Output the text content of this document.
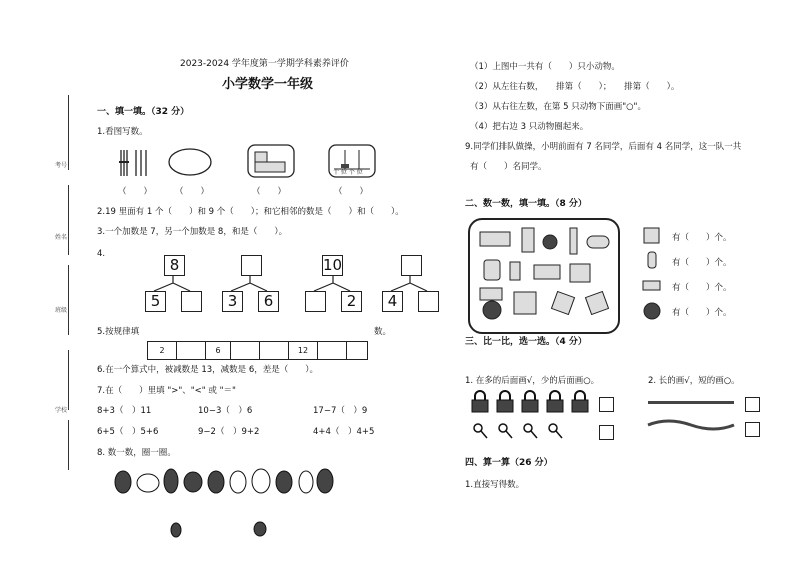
考号
姓名
班级
学校
2023-2024 学年度第一学期学科素养评价
小学数学一年级
一、填一填。（32 分）
1.看图写数。
十 位 个 位
（　　）	（　　）	（　　）	（　　）
2.19 里面有 1 个（　　）和 9 个（　　）；和它相邻的数是（　　）和（　　）。
3.一个加数是 7，另一个加数是 8，和是（　　）。
4.
8
5	3	6
10
2	4
5.按规律填	数。
2	6	12
6.在一个算式中，被减数是 13，减数是 6，差是（　　）。
7.在（　　）里填 ">"、"<" 或 "＝"
8+3（　）11	10−3（　）6	17−7（　）9
6+5（　）5+6	9−2（　）9+2	4+4（　）4+5
8. 数一数，圈一圈。
（1）上图中一共有（　　）只小动物。
（2）从左往右数，　　排第（　　）；　　排第（　　）。
（3）从右往左数，在第 5 只动物下面画"○"。
（4）把右边 3 只动物圈起来。
9.同学们排队做操，小明前面有 7 名同学，后面有 4 名同学，这一队一共
有（　　）名同学。
二、数一数，填一填。（8 分）
有（　　）个。
有（　　）个。
有（　　）个。
有（　　）个。
三、比一比，选一选。（4 分）
1. 在多的后面画√，少的后面画○。	2. 长的画√，短的画○。
四、算一算（26 分）
1.直接写得数。
